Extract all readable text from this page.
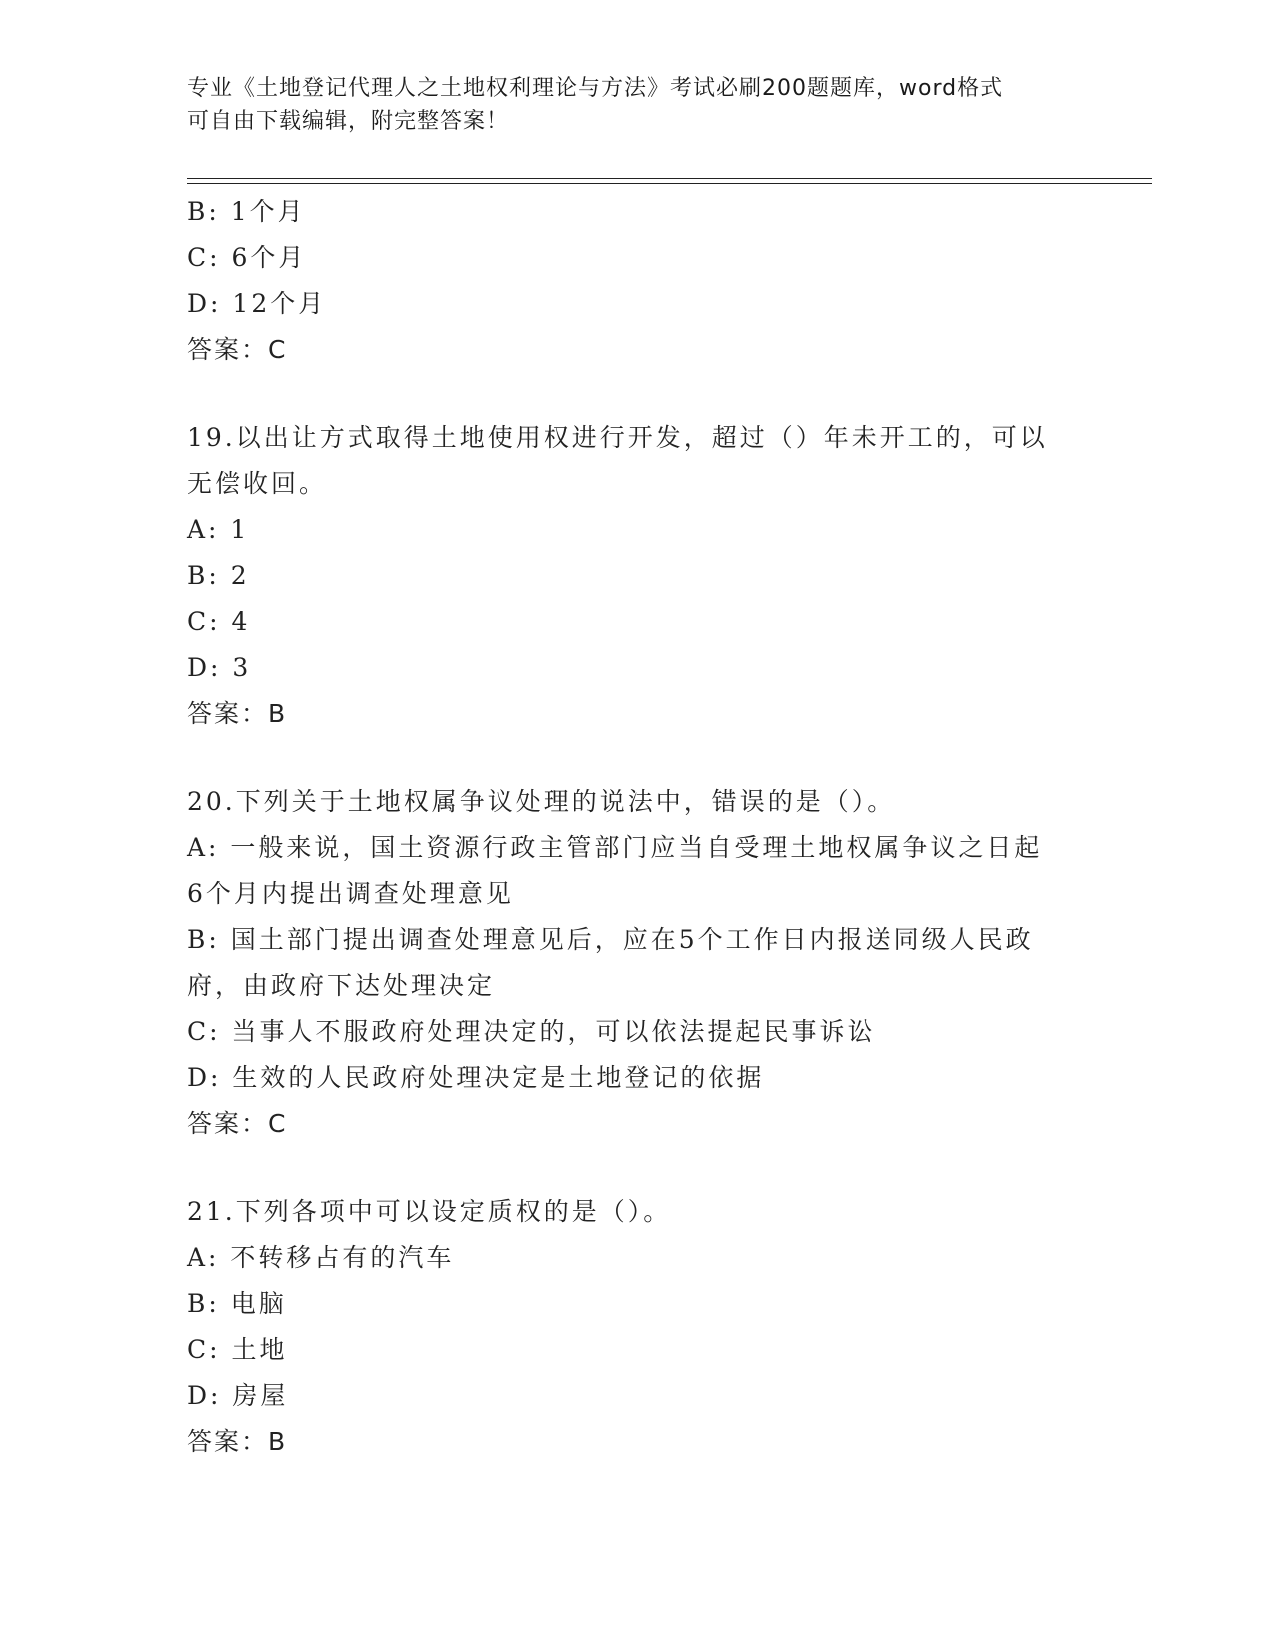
专业《土地登记代理人之土地权利理论与方法》考试必刷200题题库，word格式
可自由下载编辑，附完整答案！
B: 1个月
C: 6个月
D: 12个月
答案：C
19.以出让方式取得土地使用权进行开发，超过（）年未开工的，可以
无偿收回。
A: 1
B: 2
C: 4
D: 3
答案：B
20.下列关于土地权属争议处理的说法中，错误的是（）。
A: 一般来说，国土资源行政主管部门应当自受理土地权属争议之日起
6个月内提出调查处理意见
B: 国土部门提出调查处理意见后，应在5个工作日内报送同级人民政
府，由政府下达处理决定
C: 当事人不服政府处理决定的，可以依法提起民事诉讼
D: 生效的人民政府处理决定是土地登记的依据
答案：C
21.下列各项中可以设定质权的是（）。
A: 不转移占有的汽车
B: 电脑
C: 土地
D: 房屋
答案：B
